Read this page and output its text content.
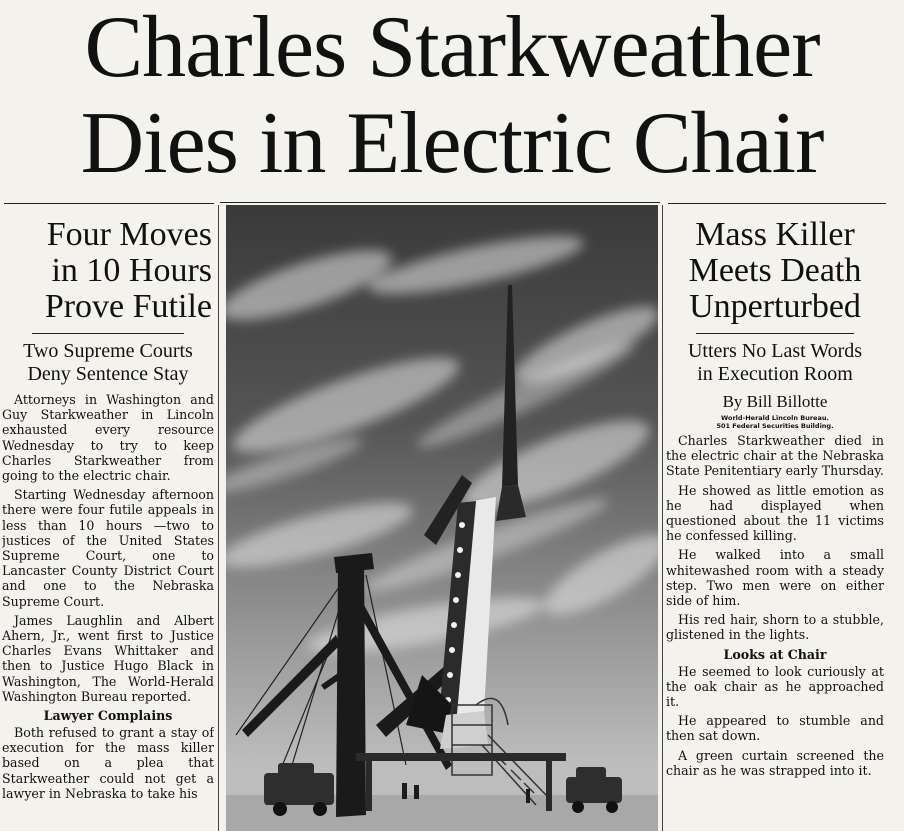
Charles Starkweather
Dies in Electric Chair
Four Moves
in 10 Hours
Prove Futile
Two Supreme Courts
Deny Sentence Stay

Attorneys in Washington and Guy Starkweather in Lincoln exhausted every resource Wednesday to try to keep Charles Starkweather from going to the electric chair.

Starting Wednesday afternoon there were four futile appeals in less than 10 hours —two to justices of the United States Supreme Court, one to Lancaster County District Court and one to the Nebraska Supreme Court.

James Laughlin and Albert Ahern, Jr., went first to Justice Charles Evans Whittaker and then to Justice Hugo Black in Washington, The World-Herald Washington Bureau reported.

Lawyer Complains

Both refused to grant a stay of execution for the mass killer based on a plea that Starkweather could not get a lawyer in Nebraska to take his

Mass Killer
Meets Death
Unperturbed
Utters No Last Words
in Execution Room
By Bill Billotte
World-Herald Lincoln Bureau.
501 Federal Securities Building.

Charles Starkweather died in the electric chair at the Nebraska State Penitentiary early Thursday.

He showed as little emotion as he had displayed when questioned about the 11 victims he confessed killing.

He walked into a small whitewashed room with a steady step. Two men were on either side of him.

His red hair, shorn to a stubble, glistened in the lights.

Looks at Chair

He seemed to look curiously at the oak chair as he approached it.

He appeared to stumble and then sat down.

A green curtain screened the chair as he was strapped into it.
